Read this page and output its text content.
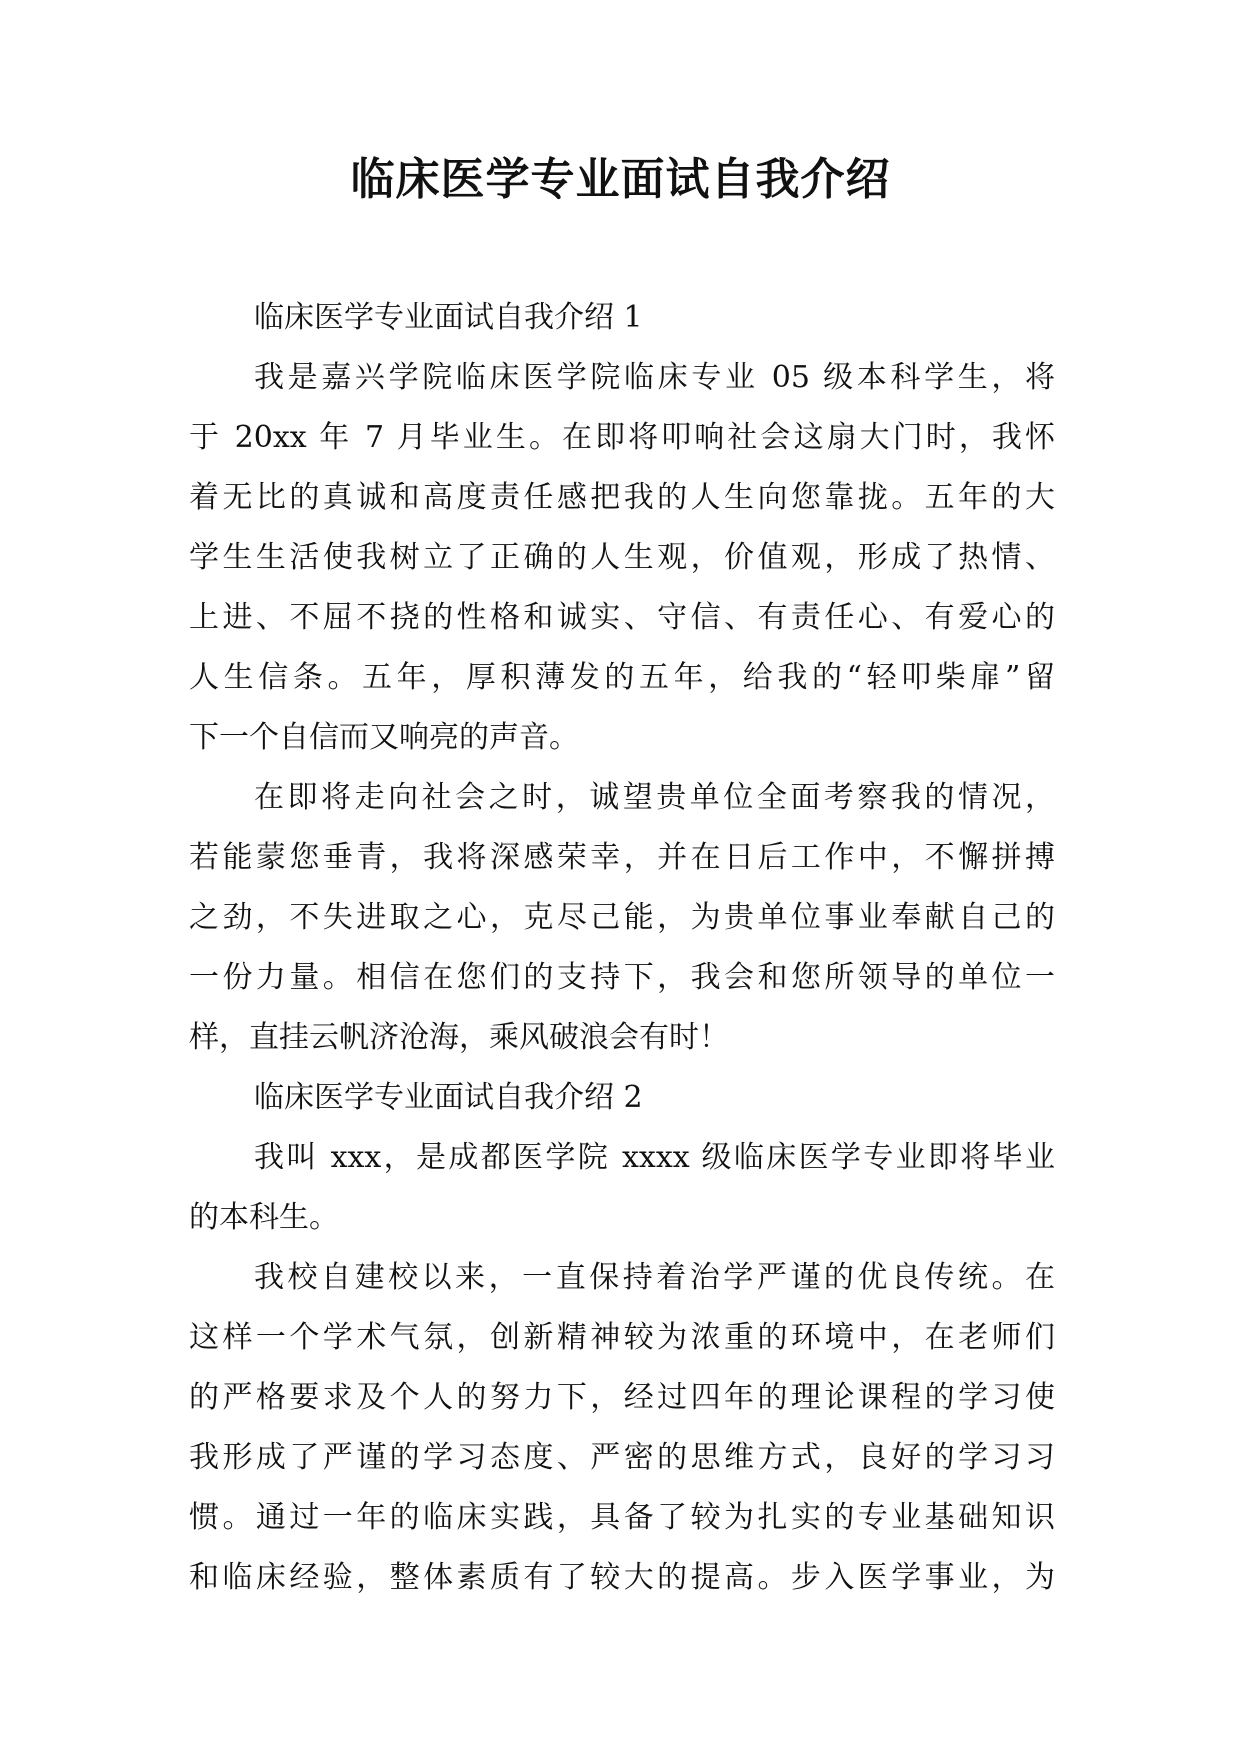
临床医学专业面试自我介绍
临床医学专业面试自我介绍 1
我是嘉兴学院临床医学院临床专业 05 级本科学生，将
于 20xx 年 7 月毕业生。在即将叩响社会这扇大门时，我怀
着无比的真诚和高度责任感把我的人生向您靠拢。五年的大
学生生活使我树立了正确的人生观，价值观，形成了热情、
上进、不屈不挠的性格和诚实、守信、有责任心、有爱心的
人生信条。五年，厚积薄发的五年，给我的“轻叩柴扉”留
下一个自信而又响亮的声音。
在即将走向社会之时，诚望贵单位全面考察我的情况，
若能蒙您垂青，我将深感荣幸，并在日后工作中，不懈拼搏
之劲，不失进取之心，克尽己能，为贵单位事业奉献自己的
一份力量。相信在您们的支持下，我会和您所领导的单位一
样，直挂云帆济沧海，乘风破浪会有时！
临床医学专业面试自我介绍 2
我叫 xxx，是成都医学院 xxxx 级临床医学专业即将毕业
的本科生。
我校自建校以来，一直保持着治学严谨的优良传统。在
这样一个学术气氛，创新精神较为浓重的环境中，在老师们
的严格要求及个人的努力下，经过四年的理论课程的学习使
我形成了严谨的学习态度、严密的思维方式，良好的学习习
惯。通过一年的临床实践，具备了较为扎实的专业基础知识
和临床经验，整体素质有了较大的提高。步入医学事业，为
